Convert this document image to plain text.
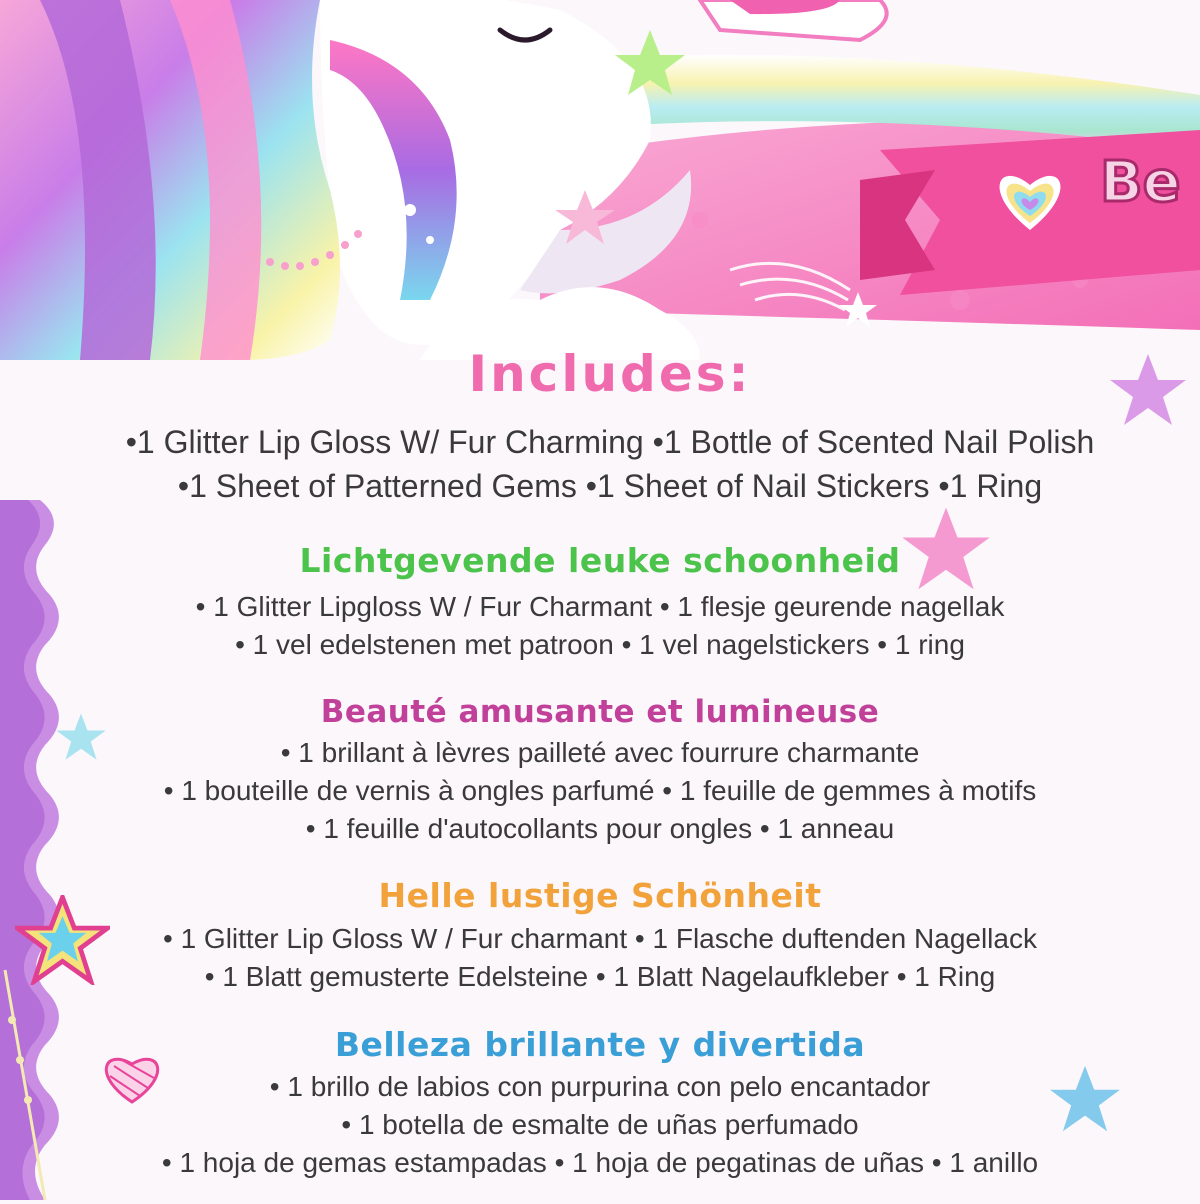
Be
Includes:
•1 Glitter Lip Gloss W/ Fur Charming •1 Bottle of Scented Nail Polish
•1 Sheet of Patterned Gems •1 Sheet of Nail Stickers •1 Ring
Lichtgevende leuke schoonheid
• 1 Glitter Lipgloss W / Fur Charmant • 1 flesje geurende nagellak
• 1 vel edelstenen met patroon • 1 vel nagelstickers • 1 ring
Beauté amusante et lumineuse
• 1 brillant à lèvres pailleté avec fourrure charmante
• 1 bouteille de vernis à ongles parfumé • 1 feuille de gemmes à motifs
• 1 feuille d'autocollants pour ongles • 1 anneau
Helle lustige Schönheit
• 1 Glitter Lip Gloss W / Fur charmant • 1 Flasche duftenden Nagellack
• 1 Blatt gemusterte Edelsteine • 1 Blatt Nagelaufkleber • 1 Ring
Belleza brillante y divertida
• 1 brillo de labios con purpurina con pelo encantador
• 1 botella de esmalte de uñas perfumado
• 1 hoja de gemas estampadas • 1 hoja de pegatinas de uñas • 1 anillo
